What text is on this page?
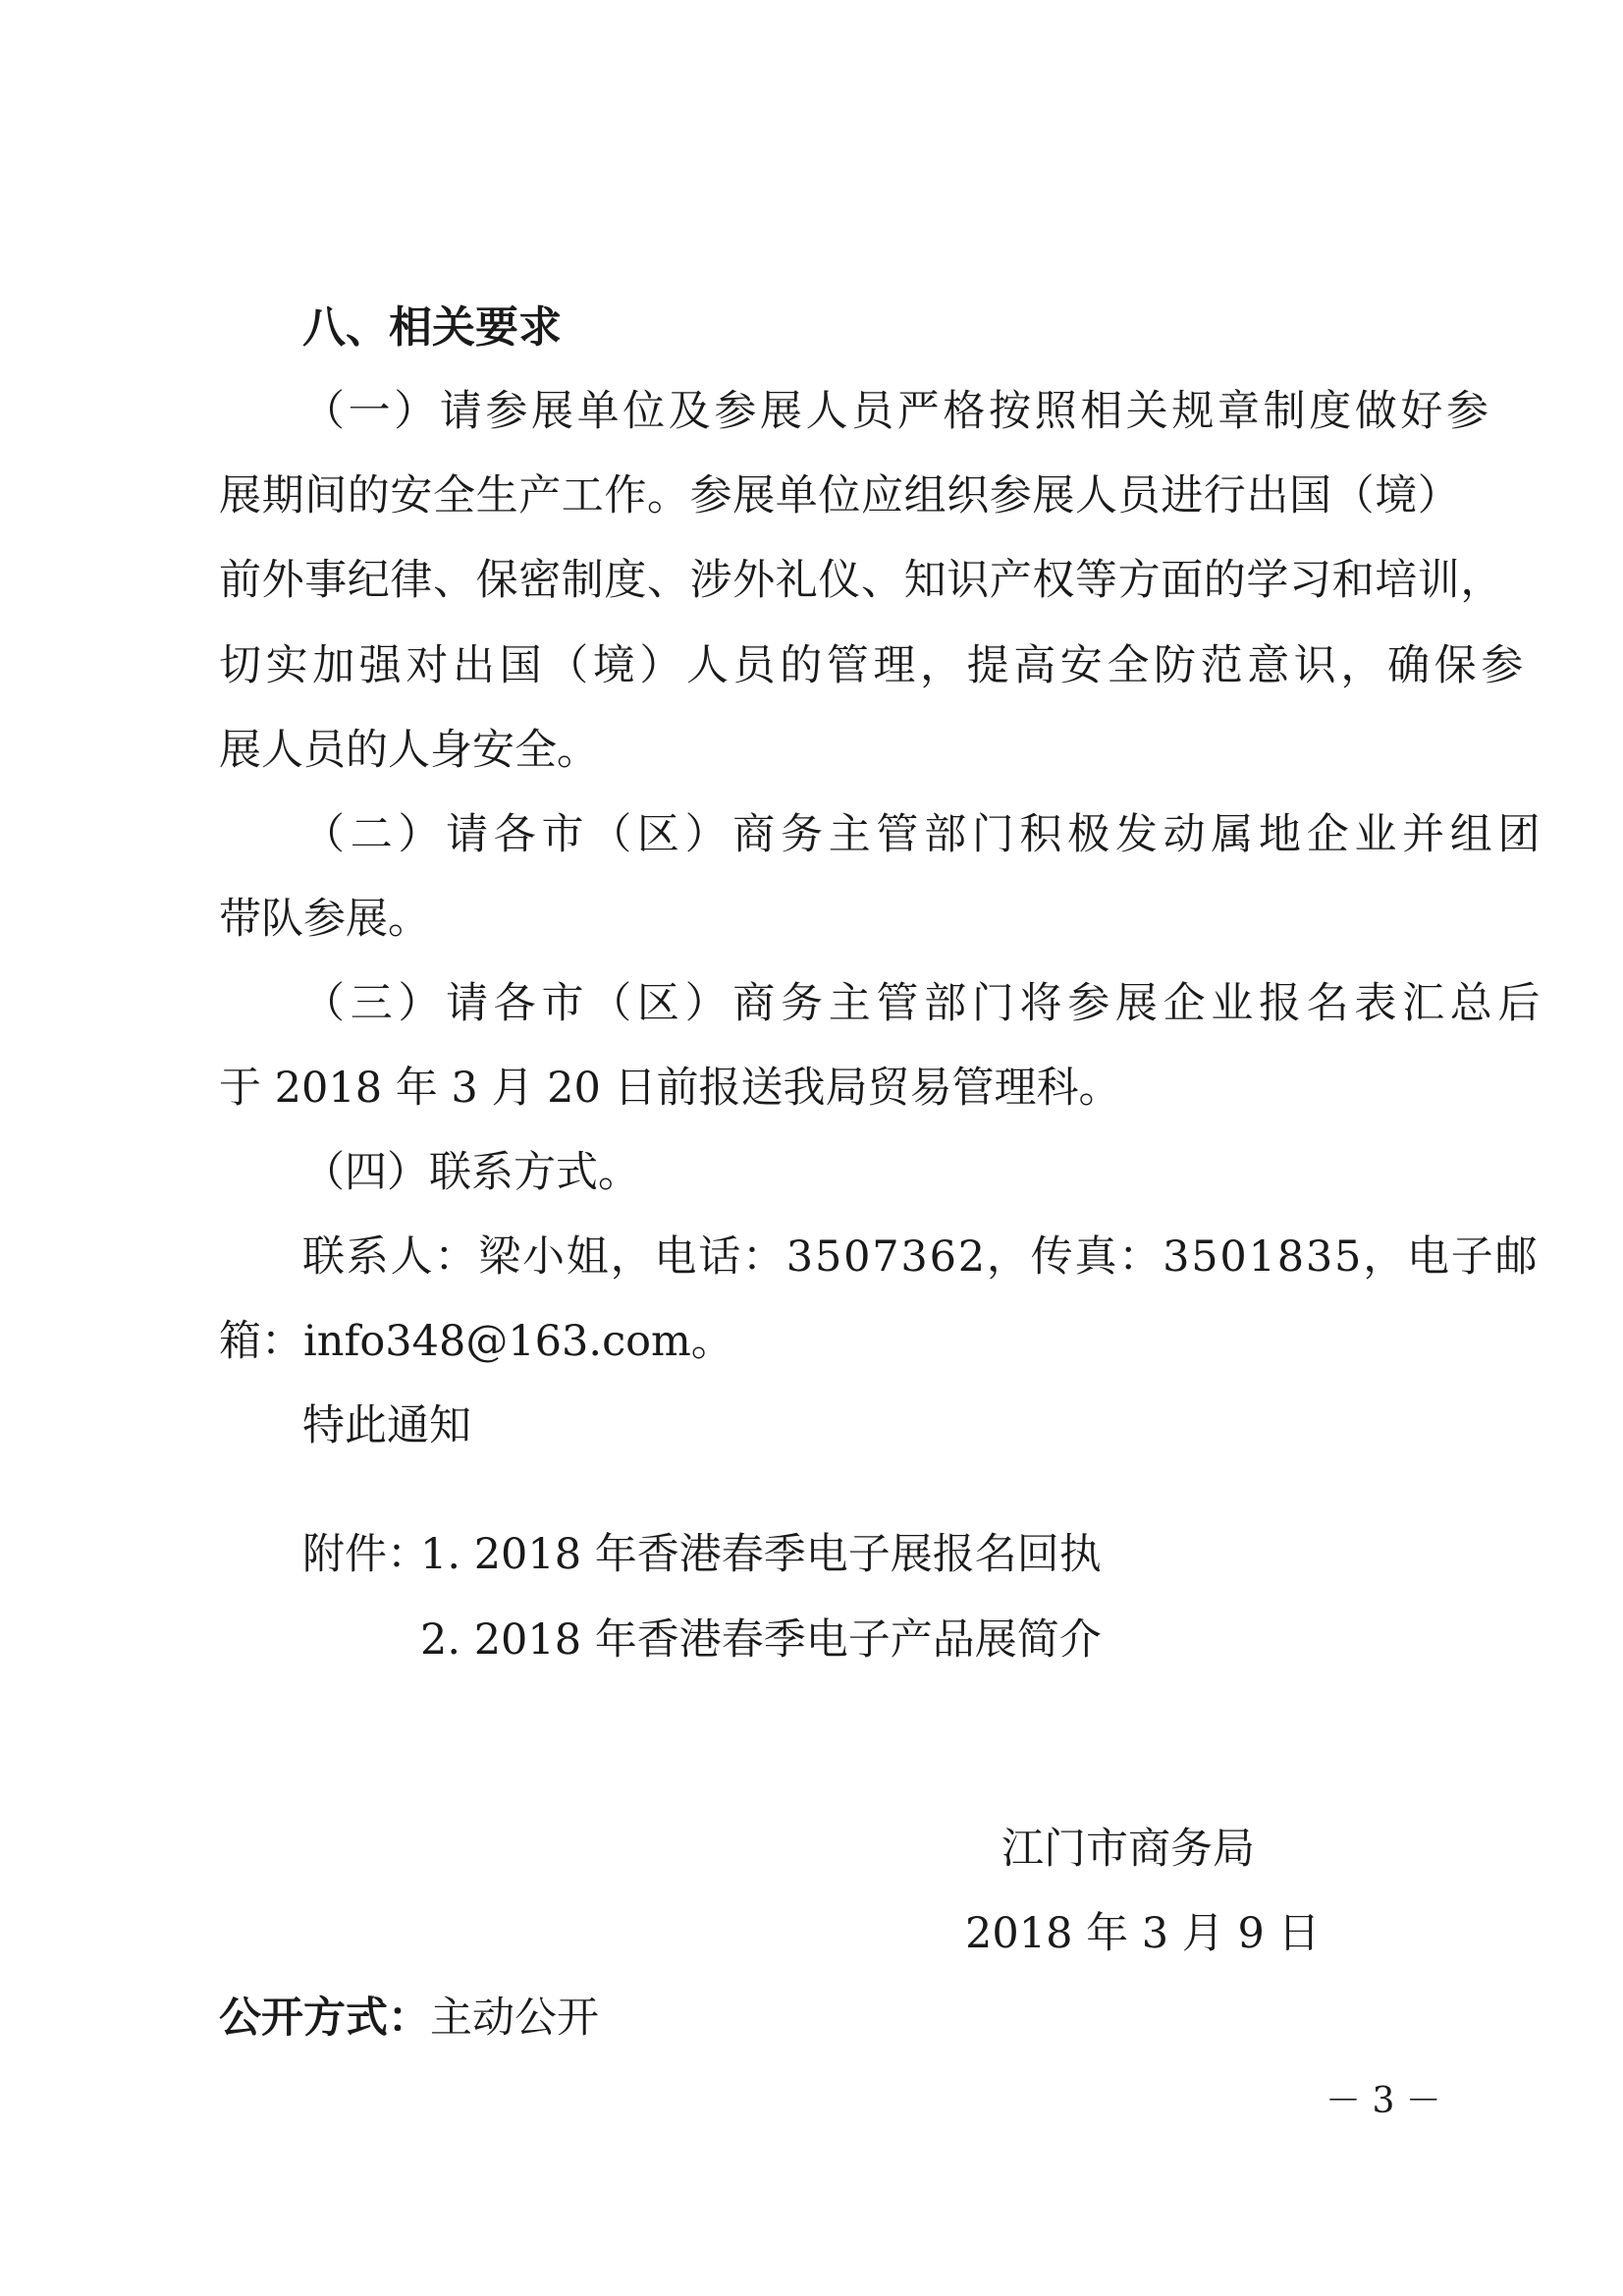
八、相关要求
（一）请参展单位及参展人员严格按照相关规章制度做好参
展期间的安全生产工作。参展单位应组织参展人员进行出国（境）
前外事纪律、保密制度、涉外礼仪、知识产权等方面的学习和培训，
切实加强对出国（境）人员的管理，提高安全防范意识，确保参
展人员的人身安全。
（二）请各市（区）商务主管部门积极发动属地企业并组团
带队参展。
（三）请各市（区）商务主管部门将参展企业报名表汇总后
于 2018 年 3 月 20 日前报送我局贸易管理科。
（四）联系方式。
联系人：梁小姐，电话：3507362，传真：3501835，电子邮
箱：info348@163.com。
特此通知
附件：
1. 2018 年香港春季电子展报名回执
2. 2018 年香港春季电子产品展简介
江门市商务局
2018 年 3 月 9 日
公开方式：主动公开
－ 3 －
